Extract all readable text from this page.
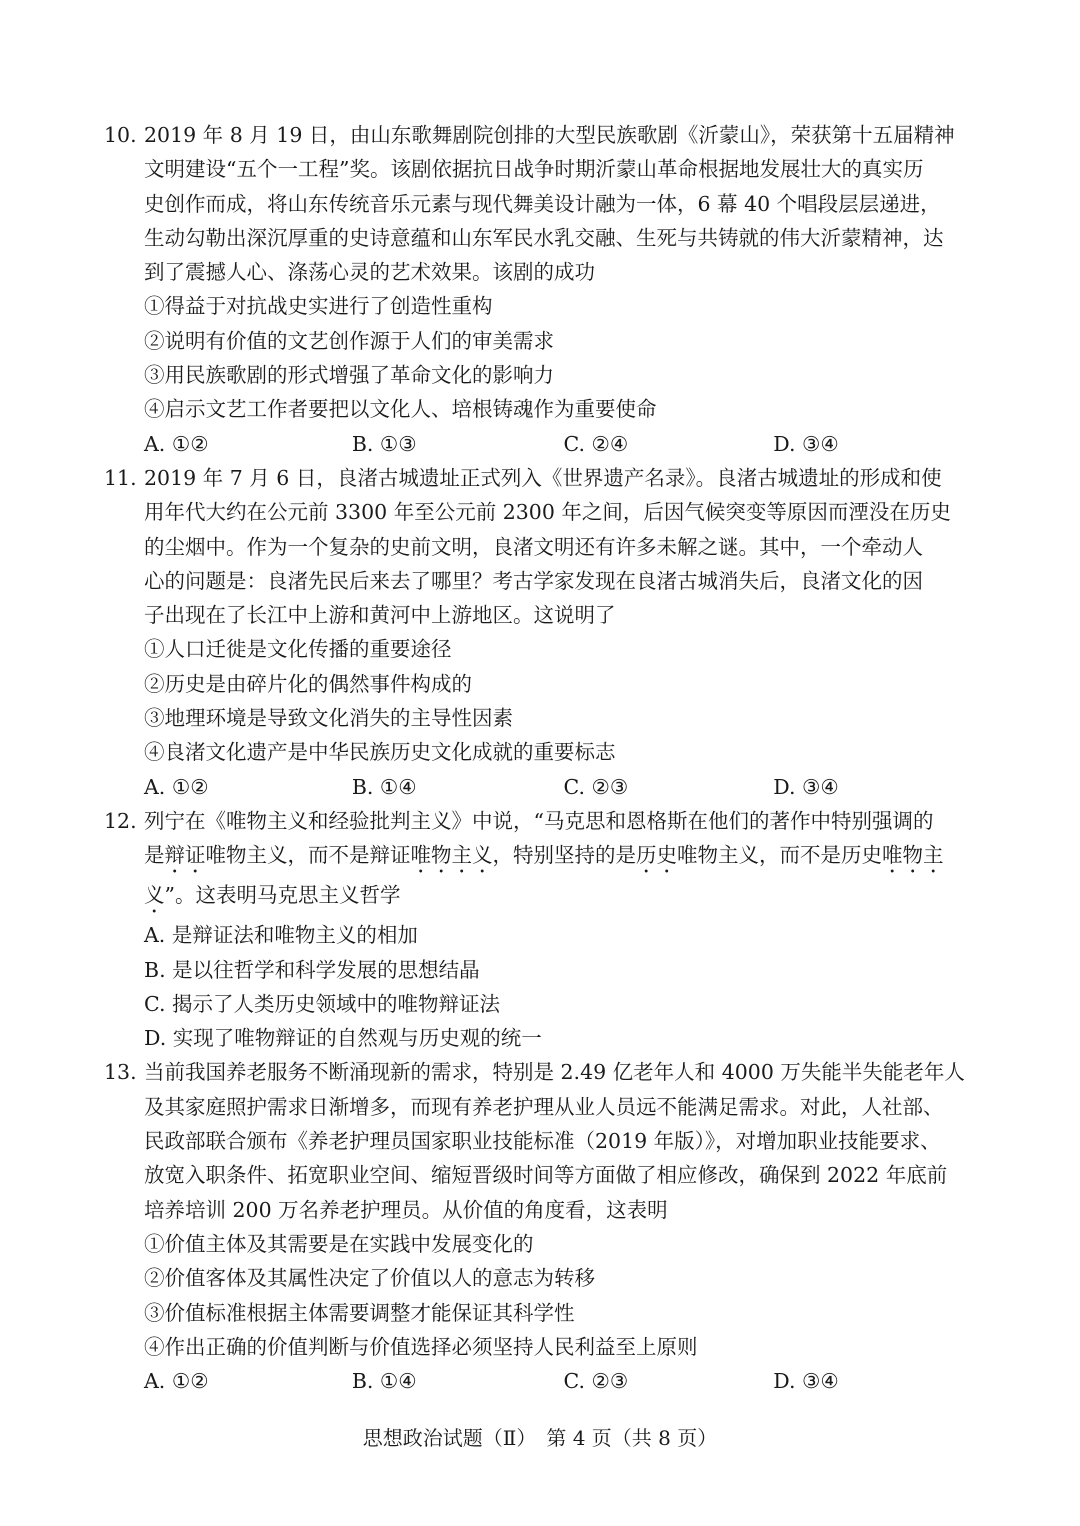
10. 2019 年 8 月 19 日，由山东歌舞剧院创排的大型民族歌剧《沂蒙山》，荣获第十五届精神
文明建设“五个一工程”奖。该剧依据抗日战争时期沂蒙山革命根据地发展壮大的真实历
史创作而成，将山东传统音乐元素与现代舞美设计融为一体，6 幕 40 个唱段层层递进，
生动勾勒出深沉厚重的史诗意蕴和山东军民水乳交融、生死与共铸就的伟大沂蒙精神，达
到了震撼人心、涤荡心灵的艺术效果。该剧的成功
①得益于对抗战史实进行了创造性重构
②说明有价值的文艺创作源于人们的审美需求
③用民族歌剧的形式增强了革命文化的影响力
④启示文艺工作者要把以文化人、培根铸魂作为重要使命
A. ①②	B. ①③	C. ②④	D. ③④
11. 2019 年 7 月 6 日，良渚古城遗址正式列入《世界遗产名录》。良渚古城遗址的形成和使
用年代大约在公元前 3300 年至公元前 2300 年之间，后因气候突变等原因而湮没在历史
的尘烟中。作为一个复杂的史前文明，良渚文明还有许多未解之谜。其中，一个牵动人
心的问题是：良渚先民后来去了哪里？考古学家发现在良渚古城消失后，良渚文化的因
子出现在了长江中上游和黄河中上游地区。这说明了
①人口迁徙是文化传播的重要途径
②历史是由碎片化的偶然事件构成的
③地理环境是导致文化消失的主导性因素
④良渚文化遗产是中华民族历史文化成就的重要标志
A. ①②	B. ①④	C. ②③	D. ③④
12. 列宁在《唯物主义和经验批判主义》中说，“马克思和恩格斯在他们的著作中特别强调的
是辩证唯物主义，而不是辩证唯物主义，特别坚持的是历史唯物主义，而不是历史唯物主
义”。这表明马克思主义哲学
A. 是辩证法和唯物主义的相加
B. 是以往哲学和科学发展的思想结晶
C. 揭示了人类历史领域中的唯物辩证法
D. 实现了唯物辩证的自然观与历史观的统一
13. 当前我国养老服务不断涌现新的需求，特别是 2.49 亿老年人和 4000 万失能半失能老年人
及其家庭照护需求日渐增多，而现有养老护理从业人员远不能满足需求。对此，人社部、
民政部联合颁布《养老护理员国家职业技能标准（2019 年版）》，对增加职业技能要求、
放宽入职条件、拓宽职业空间、缩短晋级时间等方面做了相应修改，确保到 2022 年底前
培养培训 200 万名养老护理员。从价值的角度看，这表明
①价值主体及其需要是在实践中发展变化的
②价值客体及其属性决定了价值以人的意志为转移
③价值标准根据主体需要调整才能保证其科学性
④作出正确的价值判断与价值选择必须坚持人民利益至上原则
A. ①②	B. ①④	C. ②③	D. ③④
思想政治试题（Ⅱ）　第 4 页（共 8 页）
